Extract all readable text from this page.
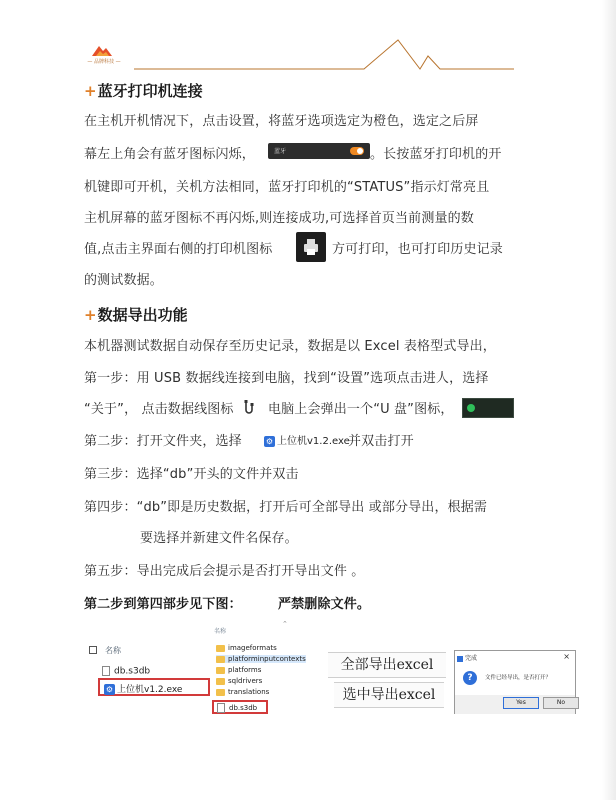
— 品牌科技 —
+蓝牙打印机连接
在主机开机情况下，点击设置，将蓝牙选项选定为橙色，选定之后屏
幕左上角会有蓝牙图标闪烁，	蓝牙	。长按蓝牙打印机的开
机键即可开机，关机方法相同，蓝牙打印机的“STATUS”指示灯常亮且
主机屏幕的蓝牙图标不再闪烁,则连接成功,可选择首页当前测量的数
值,点击主界面右侧的打印机图标	方可打印，也可打印历史记录
的测试数据。
+数据导出功能
本机器测试数据自动保存至历史记录，数据是以 Excel 表格型式导出，
第一步：用 USB 数据线连接到电脑，找到“设置”选项点击进人，选择
“关于”， 点击数据线图标	电脑上会弹出一个“U 盘”图标，
第二步：打开文件夹，选择	⚙ 上位机v1.2.exe
并双击打开
第三步：选择“db”开头的文件并双击
第四步：“db”即是历史数据，打开后可全部导出 或部分导出，根据需
要选择并新建文件名保存。
第五步：导出完成后会提示是否打开导出文件 。
第二步到第四部步见下图：	严禁删除文件。
名称
db.s3db
⚙ 上位机v1.2.exe
⌃
名称
imageformats
platforminputcontexts
platforms
sqldrivers
translations
db.s3db
全部导出excel
选中导出excel
完成	×
?	文件已经导出，是否打开？
Yes	No
